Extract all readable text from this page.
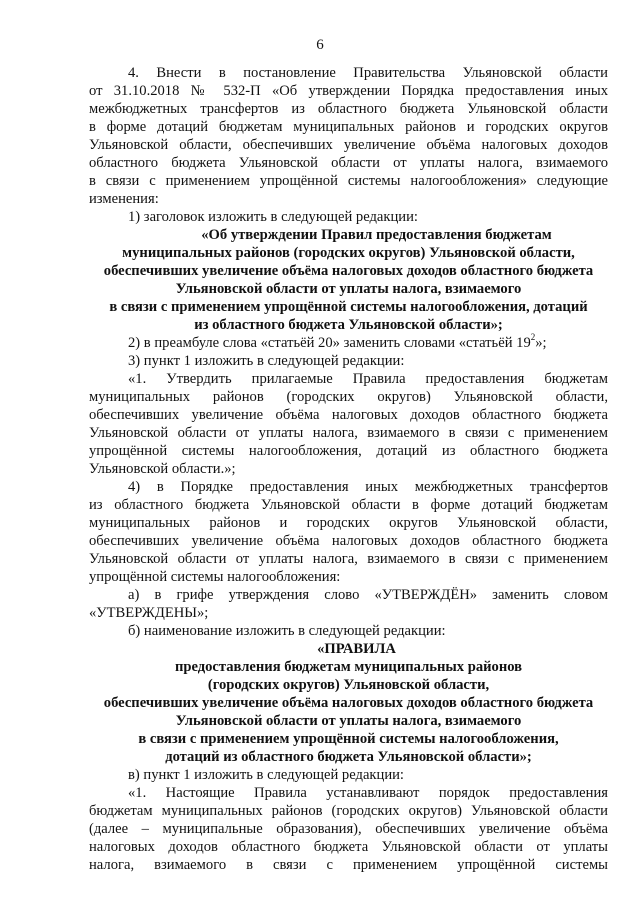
6
4. Внести в постановление Правительства Ульяновской области
от 31.10.2018 № 532-П «Об утверждении Порядка предоставления иных
межбюджетных трансфертов из областного бюджета Ульяновской области
в форме дотаций бюджетам муниципальных районов и городских округов
Ульяновской области, обеспечивших увеличение объёма налоговых доходов
областного бюджета Ульяновской области от уплаты налога, взимаемого
в связи с применением упрощённой системы налогообложения» следующие
изменения:
1) заголовок изложить в следующей редакции:
«Об утверждении Правил предоставления бюджетам
муниципальных районов (городских округов) Ульяновской области,
обеспечивших увеличение объёма налоговых доходов областного бюджета
Ульяновской области от уплаты налога, взимаемого
в связи с применением упрощённой системы налогообложения, дотаций
из областного бюджета Ульяновской области»;
2) в преамбуле слова «статьёй 20» заменить словами «статьёй $19^2$»;
3) пункт 1 изложить в следующей редакции:
«1. Утвердить прилагаемые Правила предоставления бюджетам
муниципальных районов (городских округов) Ульяновской области,
обеспечивших увеличение объёма налоговых доходов областного бюджета
Ульяновской области от уплаты налога, взимаемого в связи с применением
упрощённой системы налогообложения, дотаций из областного бюджета
Ульяновской области.»;
4) в Порядке предоставления иных межбюджетных трансфертов
из областного бюджета Ульяновской области в форме дотаций бюджетам
муниципальных районов и городских округов Ульяновской области,
обеспечивших увеличение объёма налоговых доходов областного бюджета
Ульяновской области от уплаты налога, взимаемого в связи с применением
упрощённой системы налогообложения:
а) в грифе утверждения слово «УТВЕРЖДЁН» заменить словом
«УТВЕРЖДЕНЫ»;
б) наименование изложить в следующей редакции:
«ПРАВИЛА
предоставления бюджетам муниципальных районов
(городских округов) Ульяновской области,
обеспечивших увеличение объёма налоговых доходов областного бюджета
Ульяновской области от уплаты налога, взимаемого
в связи с применением упрощённой системы налогообложения,
дотаций из областного бюджета Ульяновской области»;
в) пункт 1 изложить в следующей редакции:
«1. Настоящие Правила устанавливают порядок предоставления
бюджетам муниципальных районов (городских округов) Ульяновской области
(далее – муниципальные образования), обеспечивших увеличение объёма
налоговых доходов областного бюджета Ульяновской области от уплаты
налога, взимаемого в связи с применением упрощённой системы
